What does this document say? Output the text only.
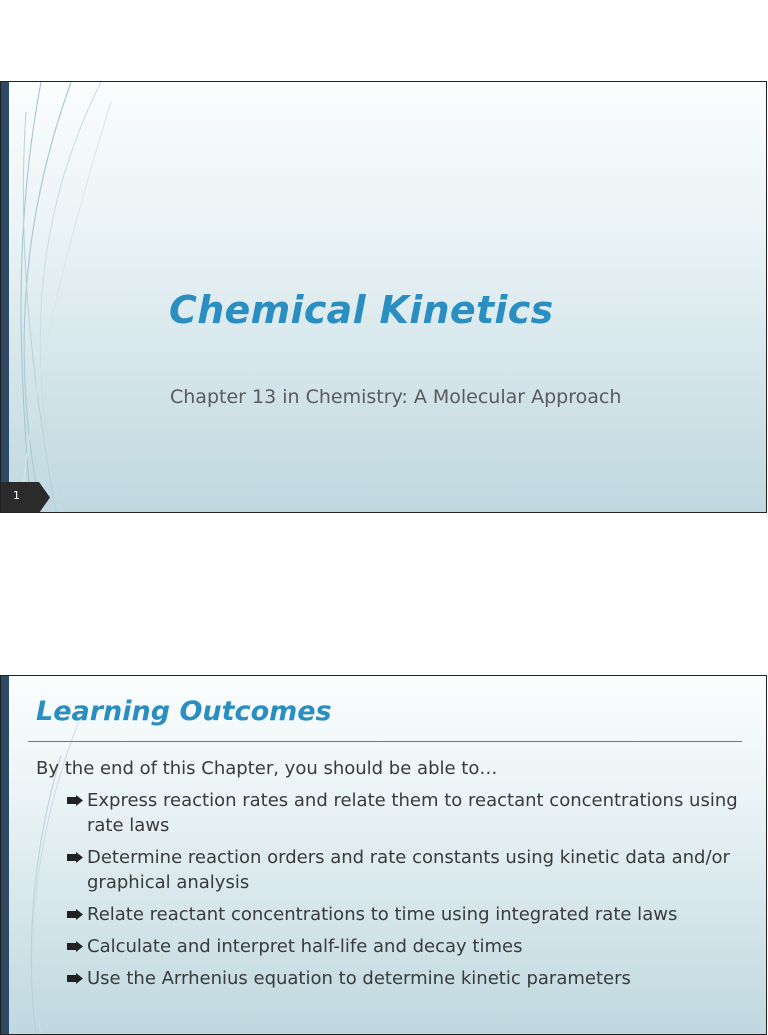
Chemical Kinetics
Chapter 13 in Chemistry: A Molecular Approach
1
Learning Outcomes
By the end of this Chapter, you should be able to…
Express reaction rates and relate them to reactant concentrations using rate laws
Determine reaction orders and rate constants using kinetic data and/or graphical analysis
Relate reactant concentrations to time using integrated rate laws
Calculate and interpret half-life and decay times
Use the Arrhenius equation to determine kinetic parameters
